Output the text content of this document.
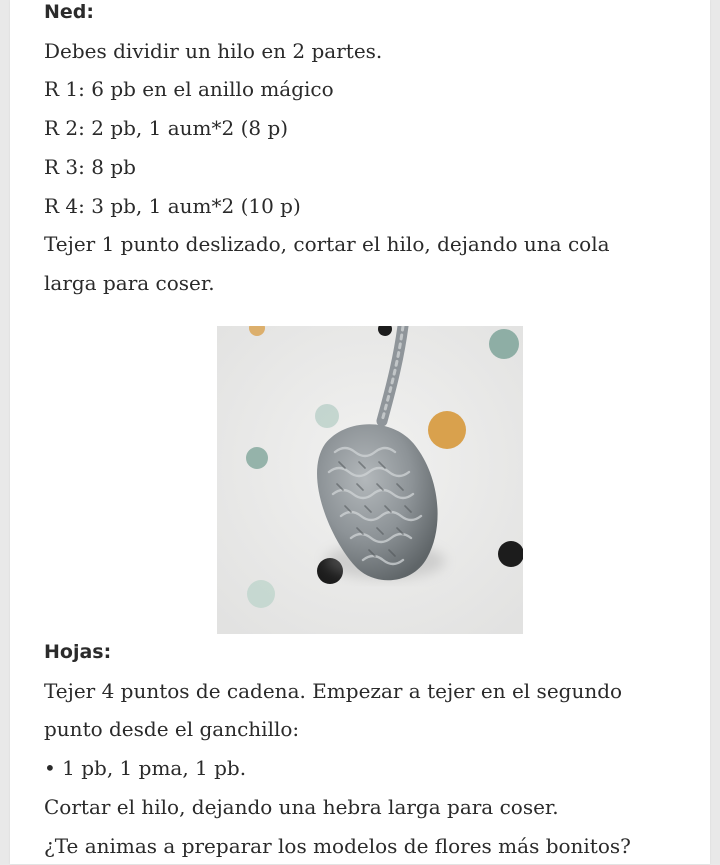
Ned:

Debes dividir un hilo en 2 partes.

R 1: 6 pb en el anillo mágico

R 2: 2 pb, 1 aum*2 (8 p)

R 3: 8 pb

R 4: 3 pb, 1 aum*2 (10 p)

Tejer 1 punto deslizado, cortar el hilo, dejando una cola

larga para coser.

Hojas:

Tejer 4 puntos de cadena. Empezar a tejer en el segundo

punto desde el ganchillo:

• 1 pb, 1 pma, 1 pb.

Cortar el hilo, dejando una hebra larga para coser.

¿Te animas a preparar los modelos de flores más bonitos?
